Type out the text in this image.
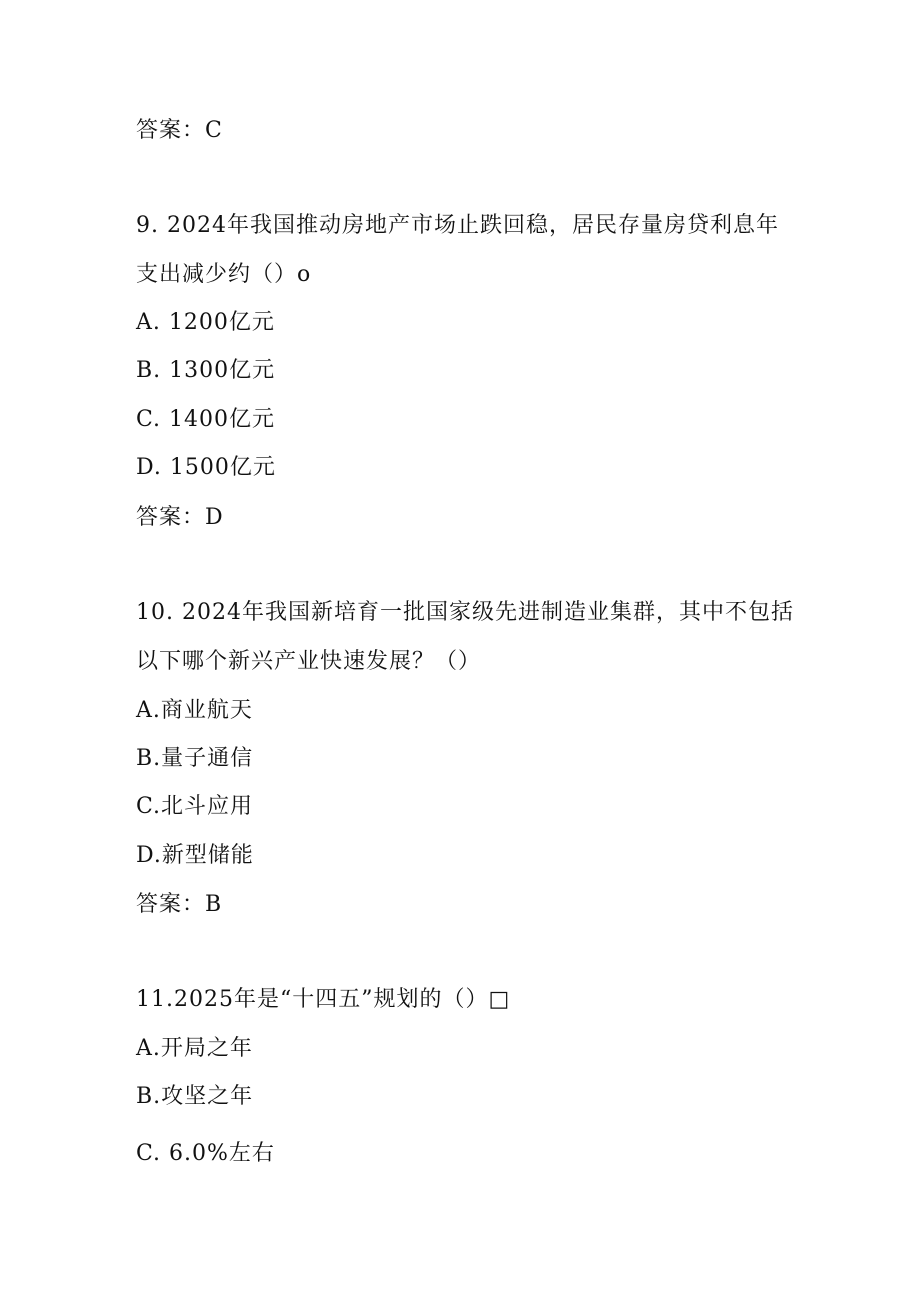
答案：C
9. 2024年我国推动房地产市场止跌回稳，居民存量房贷利息年
支出减少约（）o
A. 1200亿元
B. 1300亿元
C. 1400亿元
D. 1500亿元
答案：D
10. 2024年我国新培育一批国家级先进制造业集群，其中不包括
以下哪个新兴产业快速发展？（）
A.商业航天
B.量子通信
C.北斗应用
D.新型储能
答案：B
11.2025年是“十四五”规划的（）□
A.开局之年
B.攻坚之年
C. 6.0%左右
